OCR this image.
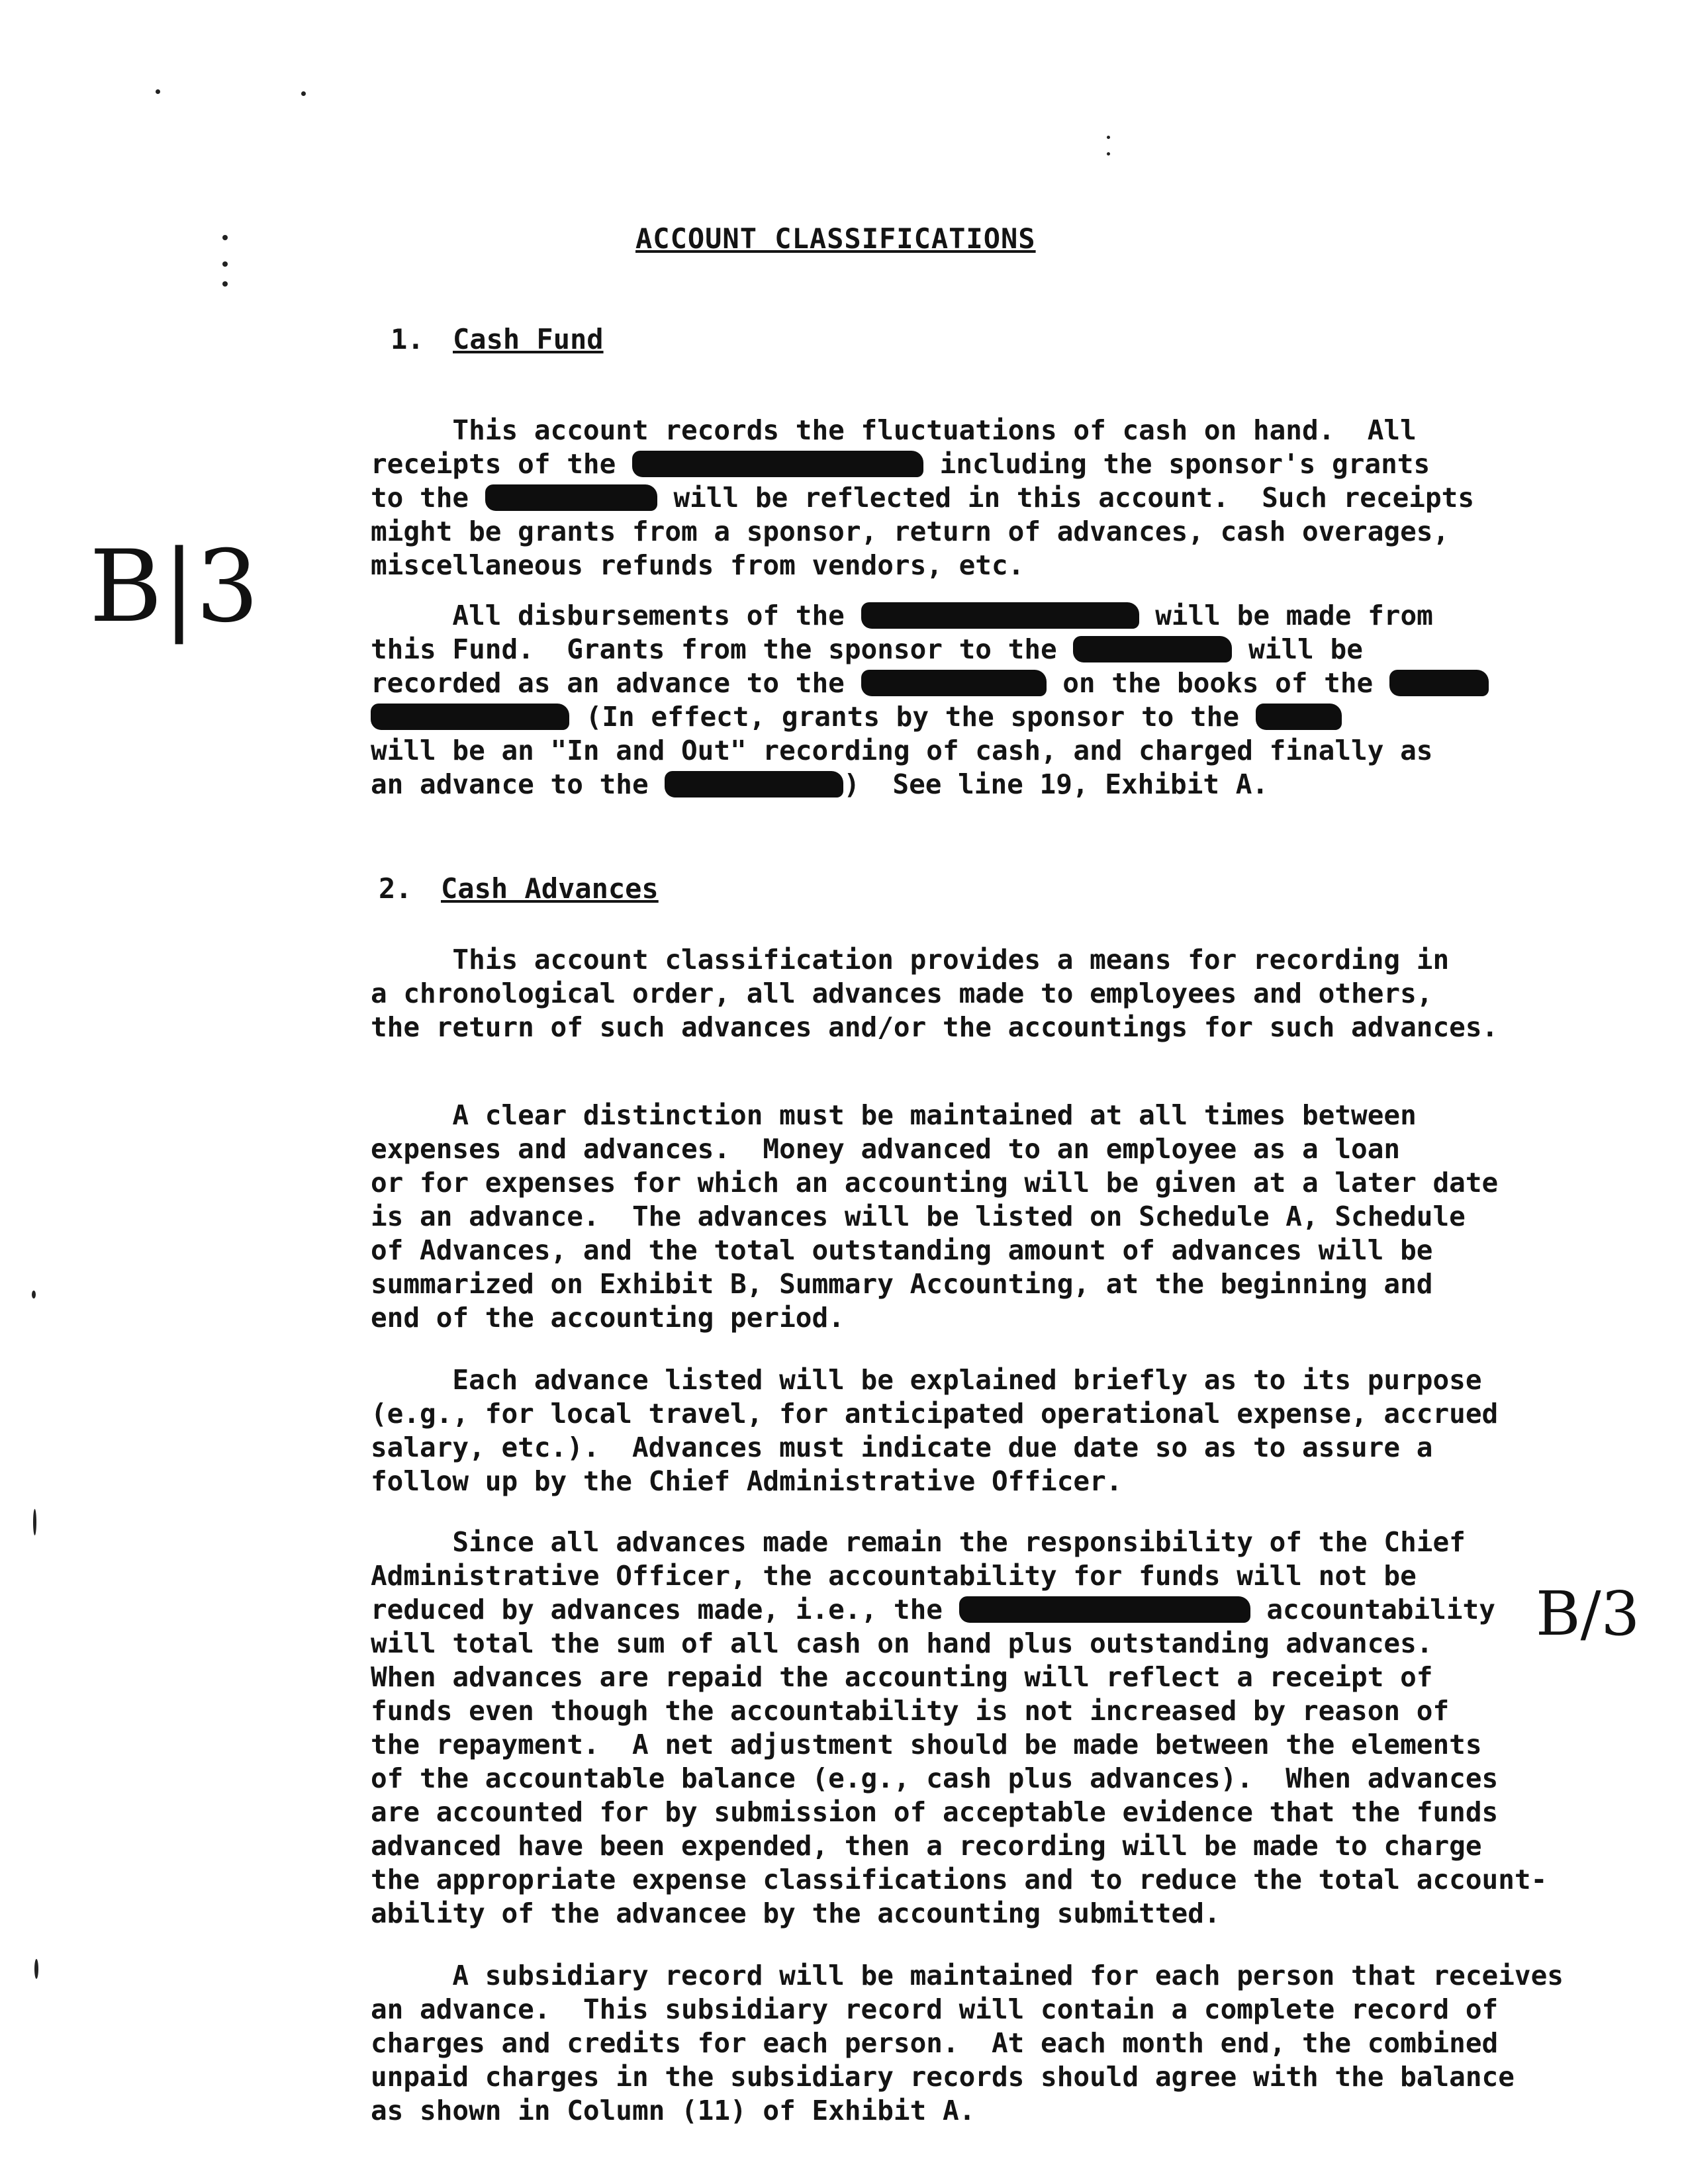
ACCOUNT CLASSIFICATIONS
1. Cash Fund
This account records the fluctuations of cash on hand.  All
receipts of the	including the sponsor's grants
to the	will be reflected in this account.  Such receipts
might be grants from a sponsor, return of advances, cash overages,
miscellaneous refunds from vendors, etc.
All disbursements of the	will be made from
this Fund.  Grants from the sponsor to the	will be
recorded as an advance to the	on the books of the
(In effect, grants by the sponsor to the
will be an "In and Out" recording of cash, and charged finally as
an advance to the	)  See line 19, Exhibit A.
2. Cash Advances
This account classification provides a means for recording in
a chronological order, all advances made to employees and others,
the return of such advances and/or the accountings for such advances.
A clear distinction must be maintained at all times between
expenses and advances.  Money advanced to an employee as a loan
or for expenses for which an accounting will be given at a later date
is an advance.  The advances will be listed on Schedule A, Schedule
of Advances, and the total outstanding amount of advances will be
summarized on Exhibit B, Summary Accounting, at the beginning and
end of the accounting period.
Each advance listed will be explained briefly as to its purpose
(e.g., for local travel, for anticipated operational expense, accrued
salary, etc.).  Advances must indicate due date so as to assure a
follow up by the Chief Administrative Officer.
Since all advances made remain the responsibility of the Chief
Administrative Officer, the accountability for funds will not be
reduced by advances made, i.e., the	accountability
will total the sum of all cash on hand plus outstanding advances.
When advances are repaid the accounting will reflect a receipt of
funds even though the accountability is not increased by reason of
the repayment.  A net adjustment should be made between the elements
of the accountable balance (e.g., cash plus advances).  When advances
are accounted for by submission of acceptable evidence that the funds
advanced have been expended, then a recording will be made to charge
the appropriate expense classifications and to reduce the total account-
ability of the advancee by the accounting submitted.
A subsidiary record will be maintained for each person that receives
an advance.  This subsidiary record will contain a complete record of
charges and credits for each person.  At each month end, the combined
unpaid charges in the subsidiary records should agree with the balance
as shown in Column (11) of Exhibit A.
B|3
B/3
